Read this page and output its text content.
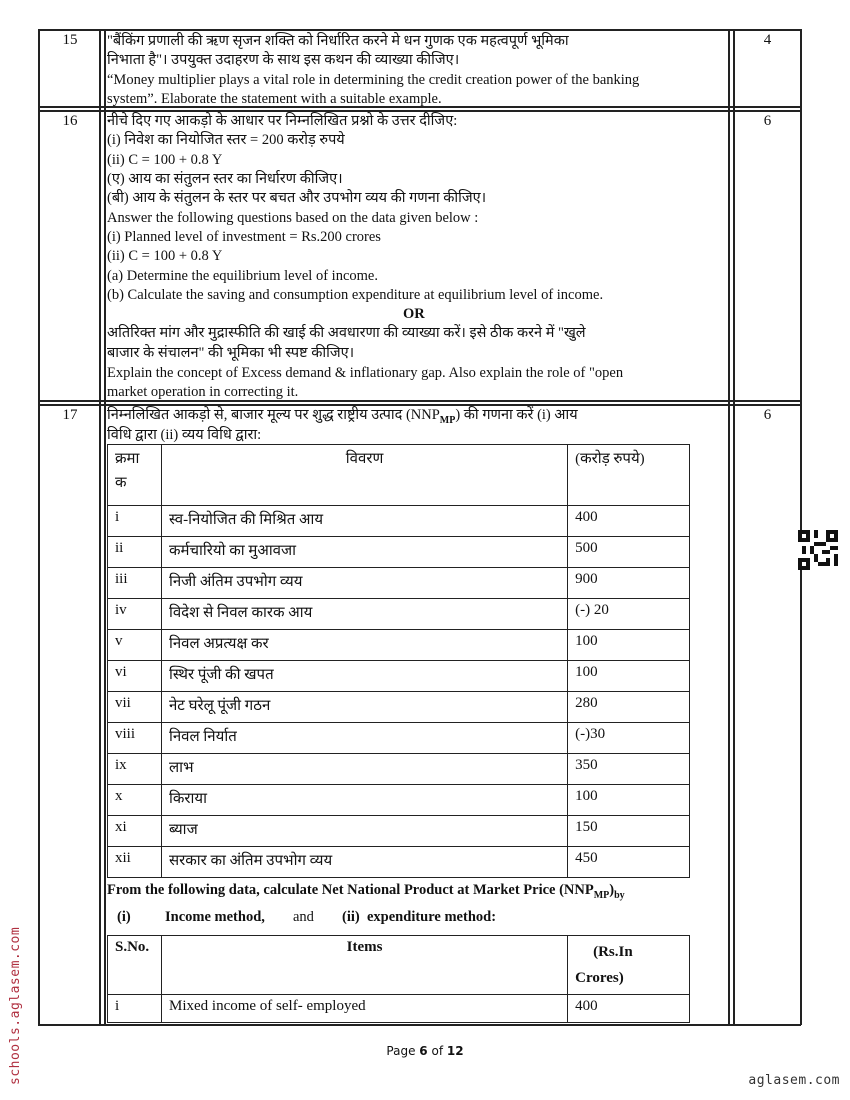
15	4
"बैंकिंग प्रणाली की ऋण सृजन शक्ति को निर्धारित करने मे धन गुणक एक महत्वपूर्ण भूमिका
निभाता है"। उपयुक्त उदाहरण के साथ इस कथन की व्याख्या कीजिए।
“Money multiplier plays a vital role in determining the credit creation power of the banking
system”. Elaborate the statement with a suitable example.
16	6
नीचे दिए गए आकड़ो के आधार पर निम्नलिखित प्रश्नो के उत्तर दीजिए:
(i) निवेश का नियोजित स्तर = 200 करोड़ रुपये
(ii) C = 100 + 0.8 Y
(ए) आय का संतुलन स्तर का निर्धारण कीजिए।
(बी) आय के संतुलन के स्तर पर बचत और उपभोग व्यय की गणना कीजिए।
Answer the following questions based on the data given below :
(i) Planned level of investment = Rs.200 crores
(ii) C = 100 + 0.8 Y
(a) Determine the equilibrium level of income.
(b) Calculate the saving and consumption expenditure at equilibrium level of income.
OR
अतिरिक्त मांग और मुद्रास्फीति की खाई की अवधारणा की व्याख्या करें। इसे ठीक करने में "खुले
बाजार के संचालन" की भूमिका भी स्पष्ट कीजिए।
Explain the concept of Excess demand & inflationary gap. Also explain the role of "open
market operation in correcting it.
17	6
निम्नलिखित आकड़ो से, बाजार मूल्य पर शुद्ध राष्ट्रीय उत्पाद $(NNP_{MP})$ की गणना करें (i) आय
विधि द्वारा (ii) व्यय विधि द्वारा:
क्रमा
क	विवरण	(करोड़ रुपये)
i	स्व-नियोजित की मिश्रित आय	400
ii	कर्मचारियो का मुआवजा	500
iii	निजी अंतिम उपभोग व्यय	900
iv	विदेश से निवल कारक आय	(-) 20
v	निवल अप्रत्यक्ष कर	100
vi	स्थिर पूंजी की खपत	100
vii	नेट घरेलू पूंजी गठन	280
viii	निवल निर्यात	(-)30
ix	लाभ	350
x	किराया	100
xi	ब्याज	150
xii	सरकार का अंतिम उपभोग व्यय	450
From the following data, calculate Net National Product at Market Price $(NNP_{MP})_{by}$
(i) Income method, and (ii) expenditure method:
S.No.	Items	(Rs.In
Crores)

i	Mixed income of self- employed	400
Page 6 of 12
aglasem.com
schools.aglasem.com
